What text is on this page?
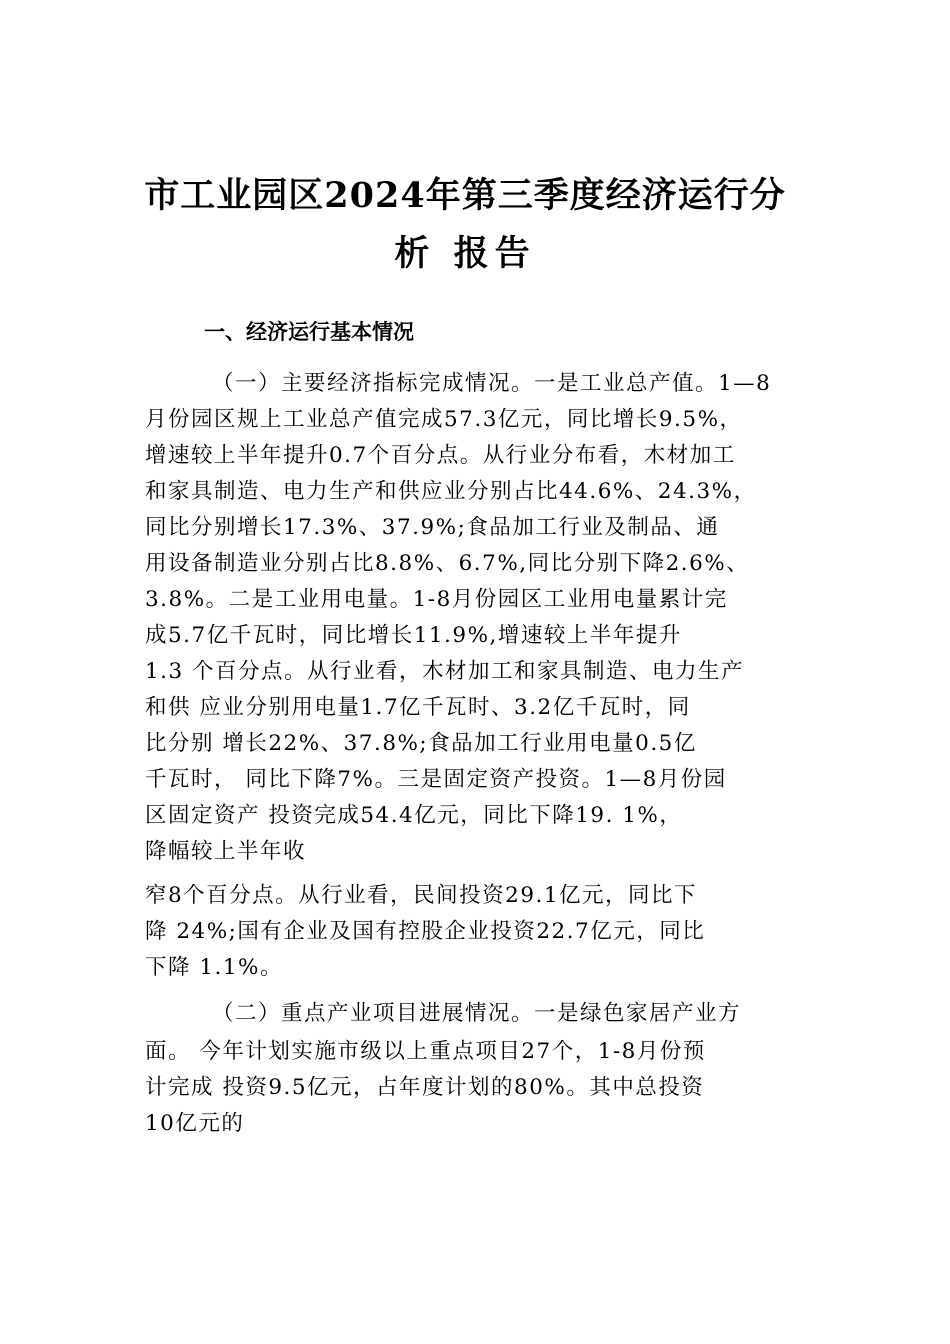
市工业园区2024年第三季度经济运行分
析 报告
一、经济运行基本情况
（一）主要经济指标完成情况。一是工业总产值。1—8
月份园区规上工业总产值完成57.3亿元，同比增长9.5%，
增速较上半年提升0.7个百分点。从行业分布看，木材加工
和家具制造、电力生产和供应业分别占比44.6%、24.3%，
同比分别增长17.3%、37.9%;食品加工行业及制品、通
用设备制造业分别占比8.8%、6.7%,同比分别下降2.6%、
3.8%。二是工业用电量。1-8月份园区工业用电量累计完
成5.7亿千瓦时，同比增长11.9%,增速较上半年提升
1.3 个百分点。从行业看，木材加工和家具制造、电力生产
和供 应业分别用电量1.7亿千瓦时、3.2亿千瓦时，同
比分别 增长22%、37.8%;食品加工行业用电量0.5亿
千瓦时， 同比下降7%。三是固定资产投资。1—8月份园
区固定资产 投资完成54.4亿元，同比下降19. 1%，
降幅较上半年收
窄8个百分点。从行业看，民间投资29.1亿元，同比下
降 24%;国有企业及国有控股企业投资22.7亿元，同比
下降 1.1%。
（二）重点产业项目进展情况。一是绿色家居产业方
面。 今年计划实施市级以上重点项目27个，1-8月份预
计完成 投资9.5亿元，占年度计划的80%。其中总投资
10亿元的
